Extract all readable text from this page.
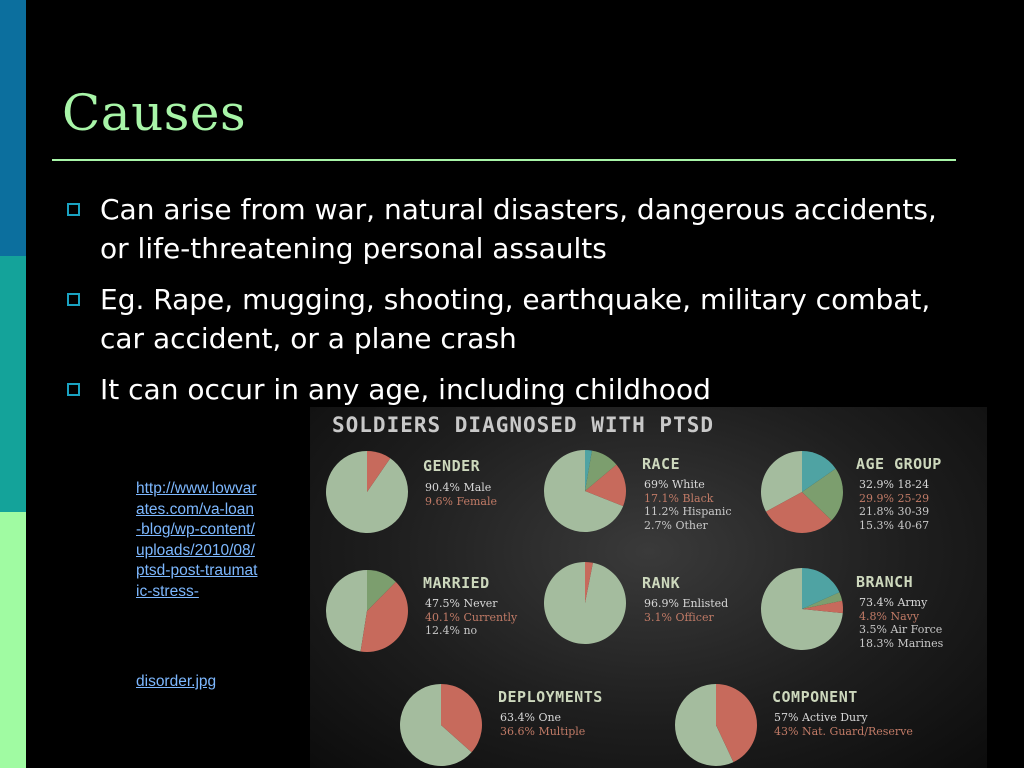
Causes
Can arise from war, natural disasters, dangerous accidents, or life-threatening personal assaults
Eg. Rape, mugging, shooting, earthquake, military combat, car accident, or a plane crash
It can occur in any age, including childhood
http://www.lowvarates.com/va-loan-blog/wp-content/uploads/2010/08/ptsd-post-traumatic-stress-
disorder.jpg
SOLDIERS DIAGNOSED WITH PTSD
GENDER
90.4% Male
9.6% Female
RACE
69% White
17.1% Black
11.2% Hispanic
2.7% Other
AGE GROUP
32.9% 18-24
29.9% 25-29
21.8% 30-39
15.3% 40-67
MARRIED
47.5% Never
40.1% Currently
12.4% no
RANK
96.9% Enlisted
3.1% Officer
BRANCH
73.4% Army
4.8% Navy
3.5% Air Force
18.3% Marines
DEPLOYMENTS
63.4% One
36.6% Multiple
COMPONENT
57% Active Dury
43% Nat. Guard/Reserve
